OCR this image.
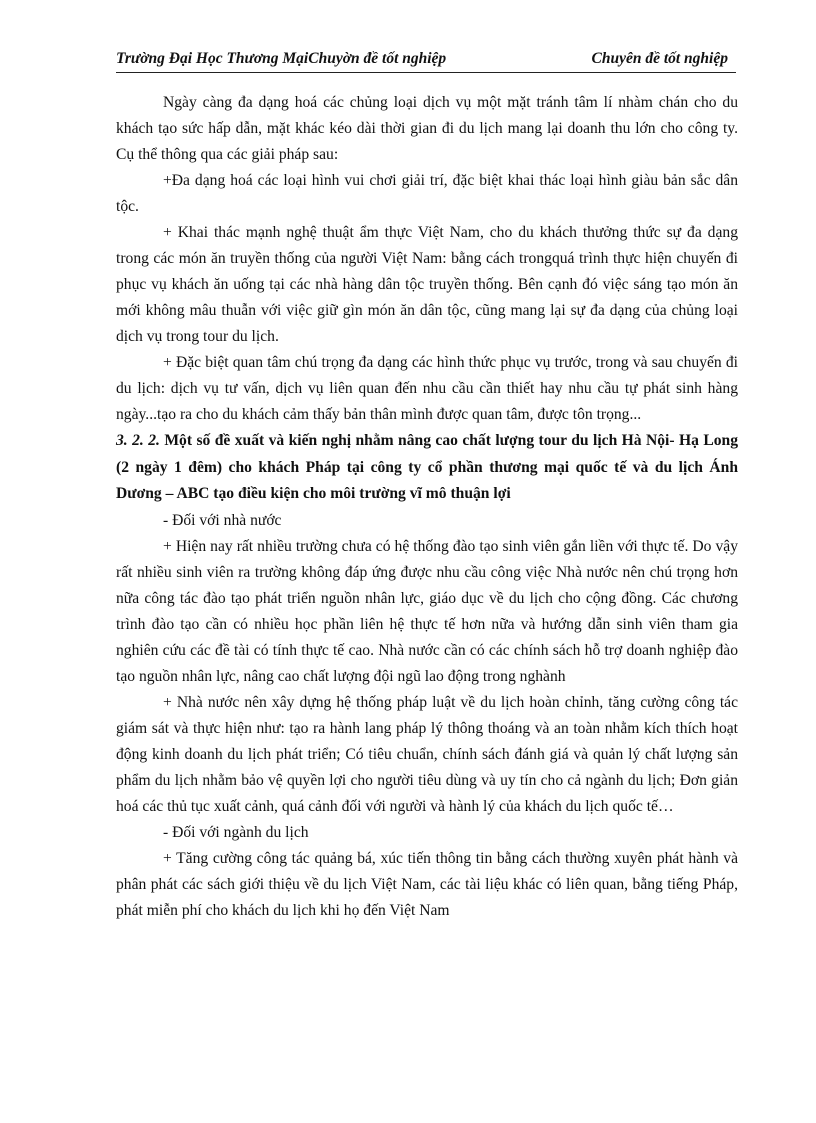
Trường Đại Học Thương MạiChuyờn đề tốt nghiệp	Chuyên đề tốt nghiệp

Ngày càng đa dạng hoá các chủng loại dịch vụ một mặt tránh tâm lí nhàm chán cho du khách tạo sức hấp dẫn, mặt khác kéo dài thời gian đi du lịch mang lại doanh thu lớn cho công ty. Cụ thể thông qua các giải pháp sau:

+Đa dạng hoá các loại hình vui chơi giải trí, đặc biệt khai thác loại hình giàu bản sắc dân tộc.

+ Khai thác mạnh nghệ thuật ẩm thực Việt Nam, cho du khách thưởng thức sự đa dạng trong các món ăn truyền thống của người Việt Nam: bằng cách trongquá trình thực hiện chuyến đi phục vụ khách ăn uống tại các nhà hàng dân tộc truyền thống. Bên cạnh đó việc sáng tạo món ăn mới không mâu thuẫn với việc giữ gìn món ăn dân tộc, cũng mang lại sự đa dạng của chủng loại dịch vụ trong tour du lịch.

+ Đặc biệt quan tâm chú trọng đa dạng các hình thức phục vụ trước, trong và sau chuyến đi du lịch: dịch vụ tư vấn, dịch vụ liên quan đến nhu cầu cần thiết hay nhu cầu tự phát sinh hàng ngày...tạo ra cho du khách cảm thấy bản thân mình được quan tâm, được tôn trọng...

3. 2. 2. Một số đề xuất và kiến nghị nhằm nâng cao chất lượng tour du lịch Hà Nội- Hạ Long (2 ngày 1 đêm) cho khách Pháp tại công ty cổ phần thương mại quốc tế và du lịch Ánh Dương – ABC tạo điều kiện cho môi trường vĩ mô thuận lợi

- Đối với nhà nước

+ Hiện nay rất nhiều trường chưa có hệ thống đào tạo sinh viên gắn liền với thực tế. Do vậy rất nhiều sinh viên ra trường không đáp ứng được nhu cầu công việc Nhà nước nên chú trọng hơn nữa công tác đào tạo phát triển nguồn nhân lực, giáo dục về du lịch cho cộng đồng. Các chương trình đào tạo cần có nhiều học phần liên hệ thực tế hơn nữa và hướng dẫn sinh viên tham gia nghiên cứu các đề tài có tính thực tế cao. Nhà nước cần có các chính sách hỗ trợ doanh nghiệp đào tạo nguồn nhân lực, nâng cao chất lượng đội ngũ lao động trong nghành

+ Nhà nước nên xây dựng hệ thống pháp luật về du lịch hoàn chỉnh, tăng cường công tác giám sát và thực hiện như: tạo ra hành lang pháp lý thông thoáng và an toàn nhằm kích thích hoạt động kinh doanh du lịch phát triển; Có tiêu chuẩn, chính sách đánh giá và quản lý chất lượng sản phẩm du lịch nhằm bảo vệ quyền lợi cho người tiêu dùng và uy tín cho cả ngành du lịch; Đơn giản hoá các thủ tục xuất cảnh, quá cảnh đối với người và hành lý của khách du lịch quốc tế…

- Đối với ngành du lịch

+ Tăng cường công tác quảng bá, xúc tiến thông tin bằng cách thường xuyên phát hành và phân phát các sách giới thiệu về du lịch Việt Nam, các tài liệu khác có liên quan, bằng tiếng Pháp, phát miễn phí cho khách du lịch khi họ đến Việt Nam
